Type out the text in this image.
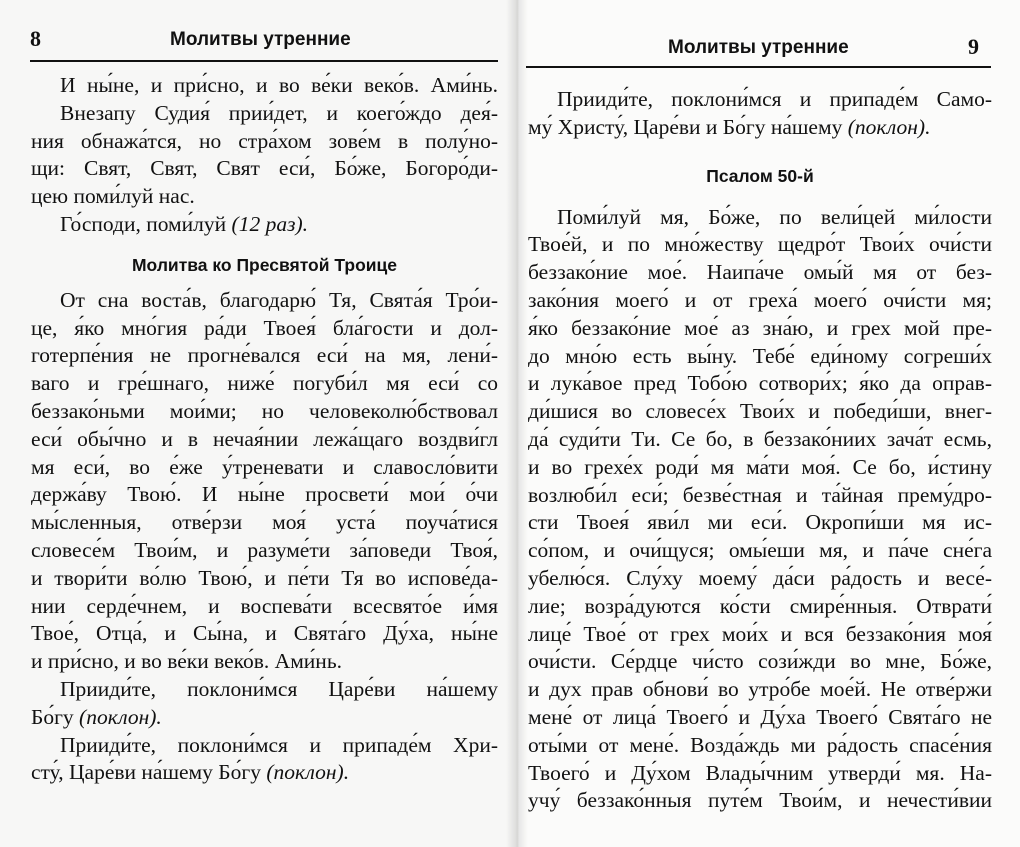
8	Молитвы утренние
И ны́не, и при́сно, и во ве́ки веко́в. Ами́нь.
Внезапу Судия́ прии́дет, и коего́ждо дея́-
ния обнажа́тся, но стра́хом зове́м в полу́но-
щи: Свят, Свят, Свят еси́, Бо́же, Богоро́ди-
цею поми́луй нас.
Го́споди, поми́луй (12 раз).
Молитва ко Пресвятой Троице
От сна воста́в, благодарю́ Тя, Свята́я Тро́и-
це, я́ко мно́гия ра́ди Твоея́ бла́гости и дол-
готерпе́ния не прогне́вался еси́ на мя, лени́-
ваго и гре́шнаго, ниже́ погуби́л мя еси́ со
беззако́ньми мои́ми; но человеколю́бствовал
еси́ обы́чно и в нечая́нии лежа́щаго воздви́гл
мя еси́, во е́же у́треневати и славосло́вити
держа́ву Твою́. И ны́не просвети́ мои́ о́чи
мы́сленныя, отве́рзи моя́ уста́ поуча́тися
словесе́м Твои́м, и разуме́ти за́поведи Твоя́,
и твори́ти во́лю Твою́, и пе́ти Тя во испове́да-
нии серде́чнем, и воспева́ти всесвято́е и́мя
Твое́, Отца́, и Сы́на, и Свята́го Ду́ха, ны́не
и при́сно, и во ве́ки веко́в. Ами́нь.
Прииди́те, поклони́мся Царе́ви на́шему
Бо́гу (поклон).
Прииди́те, поклони́мся и припаде́м Хри-
сту́, Царе́ви на́шему Бо́гу (поклон).
Молитвы утренние	9
Прииди́те, поклони́мся и припаде́м Само-
му́ Христу́, Царе́ви и Бо́гу на́шему (поклон).
Псалом 50-й
Поми́луй мя, Бо́же, по вели́цей ми́лости
Твое́й, и по мно́жеству щедро́т Твои́х очи́сти
беззако́ние мое́. Наипа́че омы́й мя от без-
зако́ния моего́ и от греха́ моего́ очи́сти мя;
я́ко беззако́ние мое́ аз зна́ю, и грех мой пре-
до мно́ю есть вы́ну. Тебе́ еди́ному согреши́х
и лука́вое пред Тобо́ю сотвори́х; я́ко да оправ-
ди́шися во словесе́х Твои́х и победи́ши, внег-
да́ суди́ти Ти. Се бо, в беззако́ниих зача́т есмь,
и во грехе́х роди́ мя ма́ти моя́. Се бо, и́стину
возлюби́л еси́; безве́стная и та́йная прему́дро-
сти Твоея́ яви́л ми еси́. Окропи́ши мя ис-
со́пом, и очи́щуся; омы́еши мя, и па́че сне́га
убелю́ся. Слу́ху моему́ да́си ра́дость и весе́-
лие; возра́дуются ко́сти смире́нныя. Отврати́
лице́ Твое́ от грех мои́х и вся беззако́ния моя́
очи́сти. Се́рдце чи́сто сози́жди во мне, Бо́же,
и дух прав обнови́ во утро́бе мое́й. Не отве́ржи
мене́ от лица́ Твоего́ и Ду́ха Твоего́ Свята́го не
оты́ми от мене́. Возда́ждь ми ра́дость спасе́ния
Твоего́ и Ду́хом Влады́чним утверди́ мя. На-
учу́ беззако́нныя путе́м Твои́м, и нечести́вии
